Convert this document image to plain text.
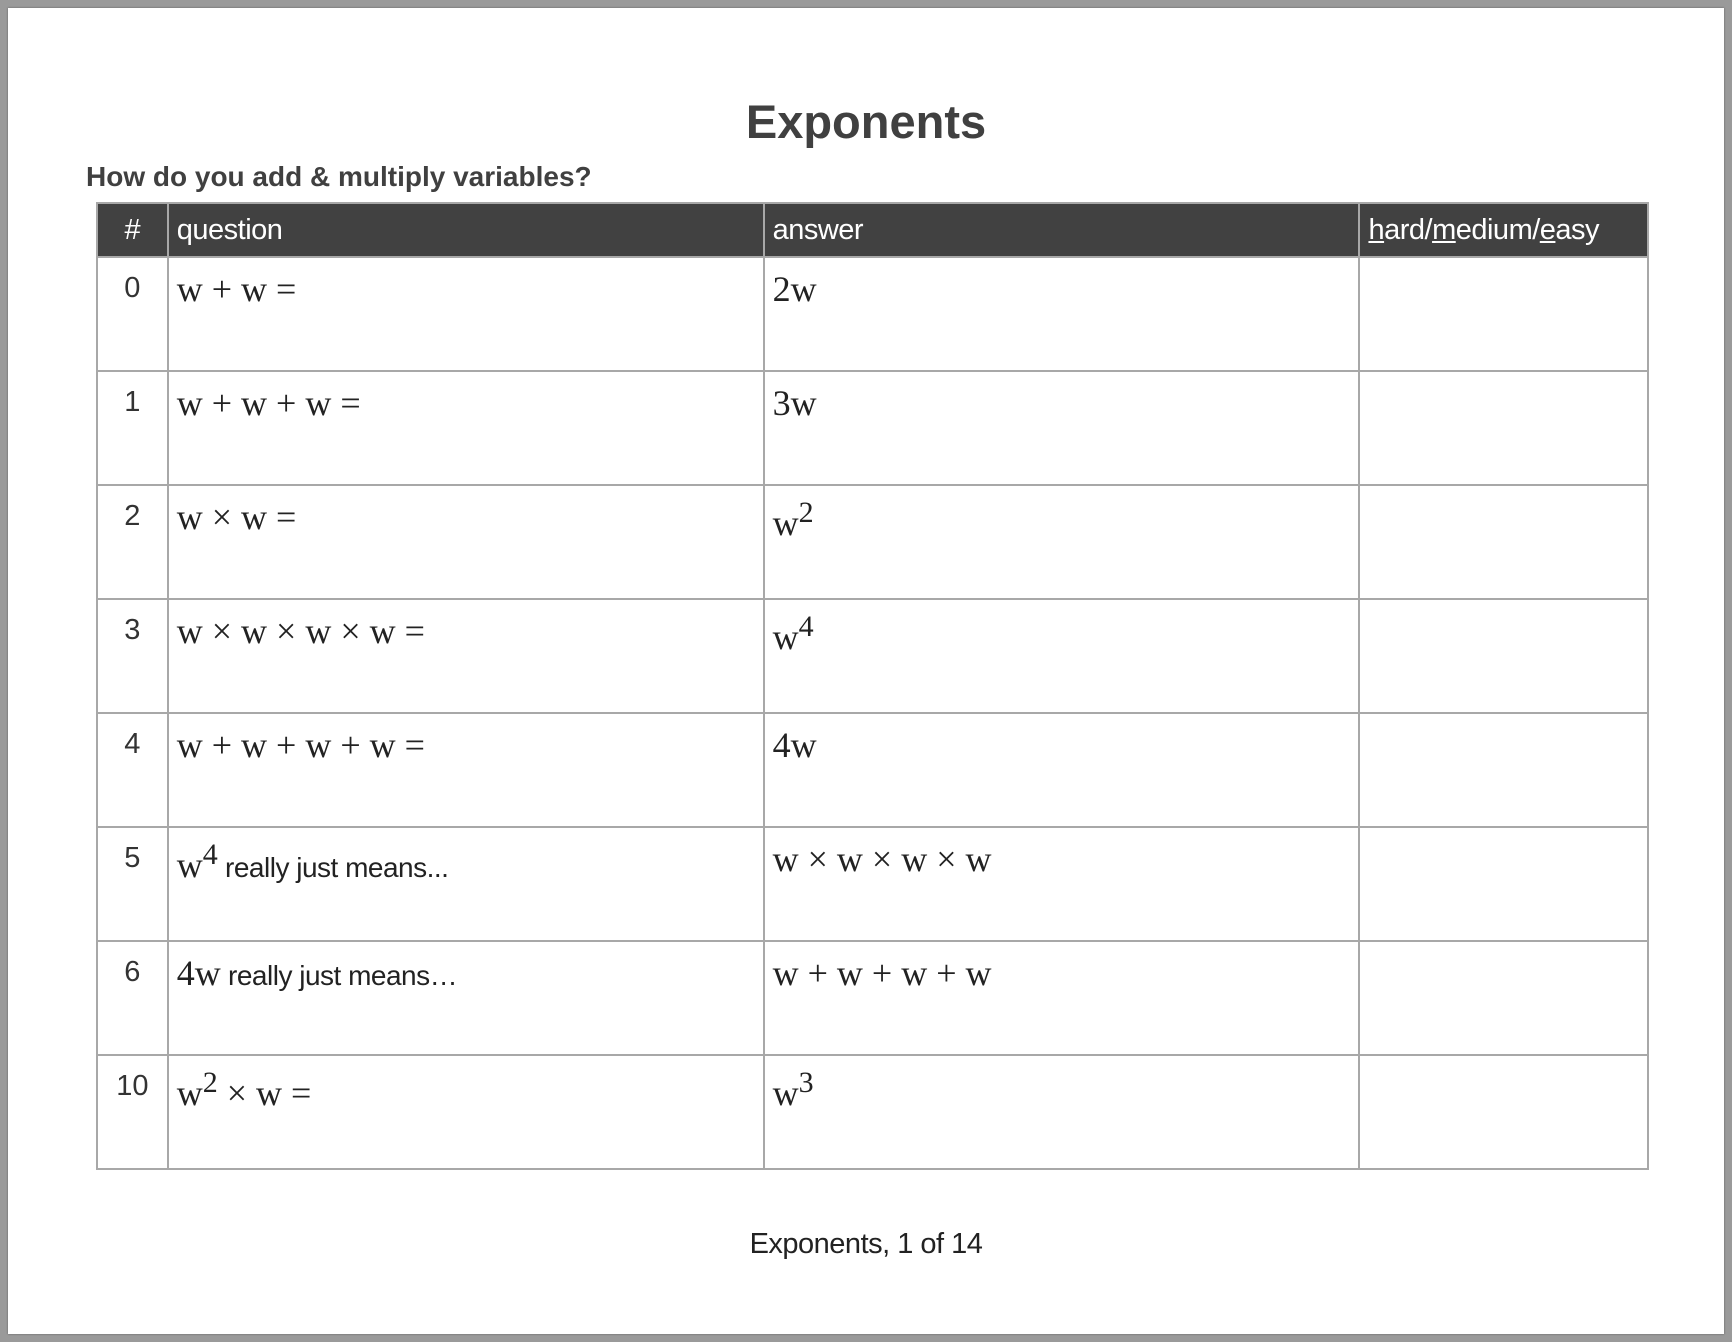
Exponents
How do you add & multiply variables?
#	question	answer	hard/medium/easy
0	w + w =	2w	
1	w + w + w =	3w	
2	w × w =	$w^2$	
3	w × w × w × w =	$w^4$	
4	w + w + w + w =	4w	
5	$w^4$ really just means...	w × w × w × w	
6	4w really just means…	w + w + w + w	
10	$w^2 \times w$ =	$w^3$	
Exponents, 1 of 14
